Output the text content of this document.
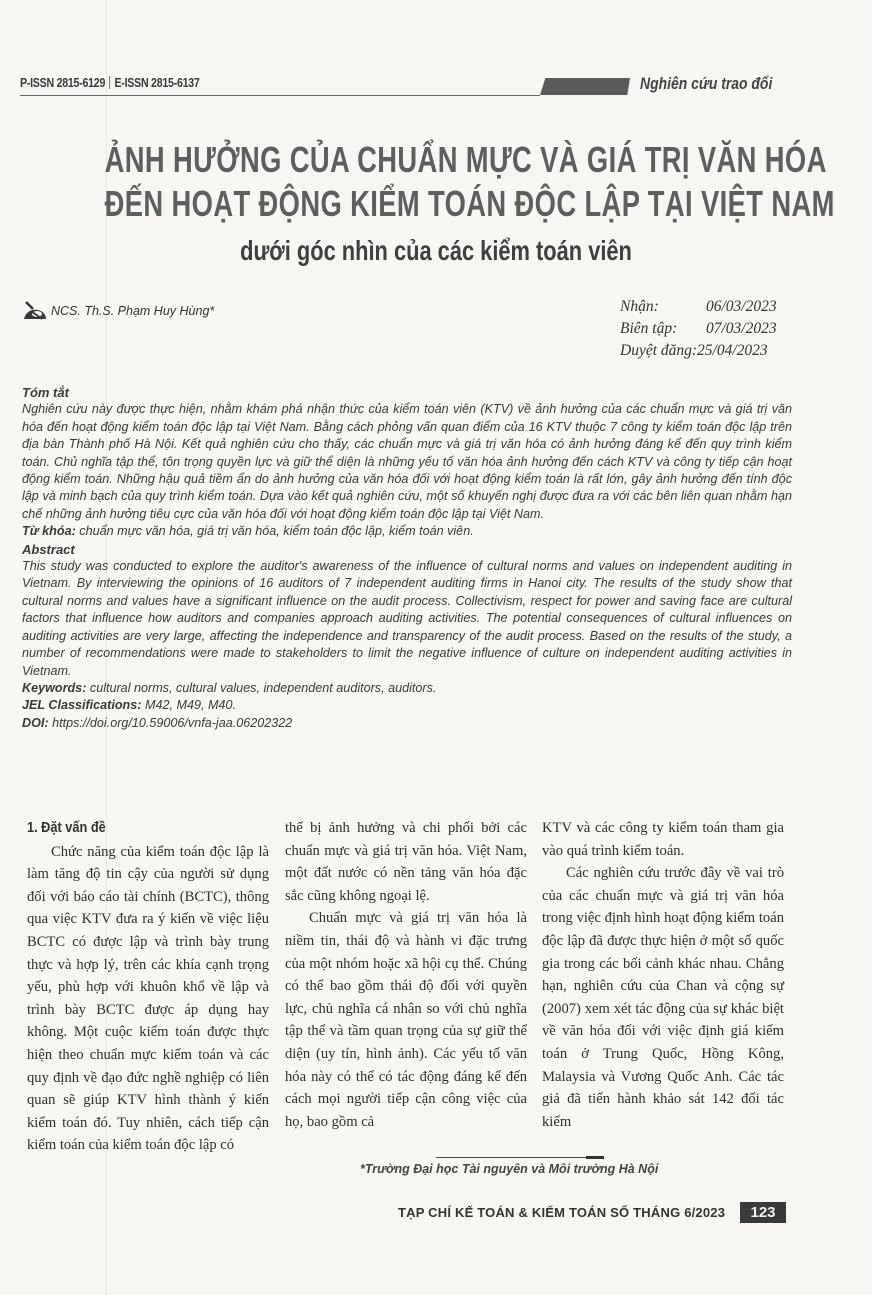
P-ISSN 2815-6129 E-ISSN 2815-6137	Nghiên cứu trao đổi
ẢNH HƯỞNG CỦA CHUẨN MỰC VÀ GIÁ TRỊ VĂN HÓA
ĐẾN HOẠT ĐỘNG KIỂM TOÁN ĐỘC LẬP TẠI VIỆT NAM
dưới góc nhìn của các kiểm toán viên
NCS. Th.S. Phạm Huy Hùng*	Nhận:	06/03/2023
Biên tập:	07/03/2023
Duyệt đăng: 25/04/2023
Tóm tắt

Nghiên cứu này được thực hiện, nhằm khám phá nhận thức của kiểm toán viên (KTV) về ảnh hưởng của các chuẩn mực và giá trị văn hóa đến hoạt động kiểm toán độc lập tại Việt Nam. Bằng cách phỏng vấn quan điểm của 16 KTV thuộc 7 công ty kiểm toán độc lập trên địa bàn Thành phố Hà Nội. Kết quả nghiên cứu cho thấy, các chuẩn mực và giá trị văn hóa có ảnh hưởng đáng kể đến quy trình kiểm toán. Chủ nghĩa tập thể, tôn trọng quyền lực và giữ thể diện là những yếu tố văn hóa ảnh hưởng đến cách KTV và công ty tiếp cận hoạt động kiểm toán. Những hậu quả tiềm ẩn do ảnh hưởng của văn hóa đối với hoạt động kiểm toán là rất lớn, gây ảnh hưởng đến tính độc lập và minh bạch của quy trình kiểm toán. Dựa vào kết quả nghiên cứu, một số khuyến nghị được đưa ra với các bên liên quan nhằm hạn chế những ảnh hưởng tiêu cực của văn hóa đối với hoạt động kiểm toán độc lập tại Việt Nam.

Từ khóa: chuẩn mực văn hóa, giá trị văn hóa, kiểm toán độc lập, kiểm toán viên.

Abstract

This study was conducted to explore the auditor's awareness of the influence of cultural norms and values on independent auditing in Vietnam. By interviewing the opinions of 16 auditors of 7 independent auditing firms in Hanoi city. The results of the study show that cultural norms and values have a significant influence on the audit process. Collectivism, respect for power and saving face are cultural factors that influence how auditors and companies approach auditing activities. The potential consequences of cultural influences on auditing activities are very large, affecting the independence and transparency of the audit process. Based on the results of the study, a number of recommendations were made to stakeholders to limit the negative influence of culture on independent auditing activities in Vietnam.

Keywords: cultural norms, cultural values, independent auditors, auditors.

JEL Classifications: M42, M49, M40.

DOI: https://doi.org/10.59006/vnfa-jaa.06202322

1. Đặt vấn đề

Chức năng của kiểm toán độc lập là làm tăng độ tin cậy của người sử dụng đối với báo cáo tài chính (BCTC), thông qua việc KTV đưa ra ý kiến về việc liệu BCTC có được lập và trình bày trung thực và hợp lý, trên các khía cạnh trọng yếu, phù hợp với khuôn khổ về lập và trình bày BCTC được áp dụng hay không. Một cuộc kiểm toán được thực hiện theo chuẩn mực kiểm toán và các quy định về đạo đức nghề nghiệp có liên quan sẽ giúp KTV hình thành ý kiến kiểm toán đó. Tuy nhiên, cách tiếp cận kiểm toán của kiểm toán độc lập có

thể bị ảnh hưởng và chi phối bởi các chuẩn mực và giá trị văn hóa. Việt Nam, một đất nước có nền tảng văn hóa đặc sắc cũng không ngoại lệ.

Chuẩn mực và giá trị văn hóa là niềm tin, thái độ và hành vi đặc trưng của một nhóm hoặc xã hội cụ thể. Chúng có thể bao gồm thái độ đối với quyền lực, chủ nghĩa cá nhân so với chủ nghĩa tập thể và tầm quan trọng của sự giữ thể diện (uy tín, hình ảnh). Các yếu tố văn hóa này có thể có tác động đáng kể đến cách mọi người tiếp cận công việc của họ, bao gồm cả

KTV và các công ty kiểm toán tham gia vào quá trình kiểm toán.

Các nghiên cứu trước đây về vai trò của các chuẩn mực và giá trị văn hóa trong việc định hình hoạt động kiểm toán độc lập đã được thực hiện ở một số quốc gia trong các bối cảnh khác nhau. Chẳng hạn, nghiên cứu của Chan và cộng sự (2007) xem xét tác động của sự khác biệt về văn hóa đối với việc định giá kiểm toán ở Trung Quốc, Hồng Kông, Malaysia và Vương Quốc Anh. Các tác giả đã tiến hành khảo sát 142 đối tác kiểm

*Trường Đại học Tài nguyên và Môi trường Hà Nội
TẠP CHÍ KẾ TOÁN & KIỂM TOÁN SỐ THÁNG 6/2023	123
